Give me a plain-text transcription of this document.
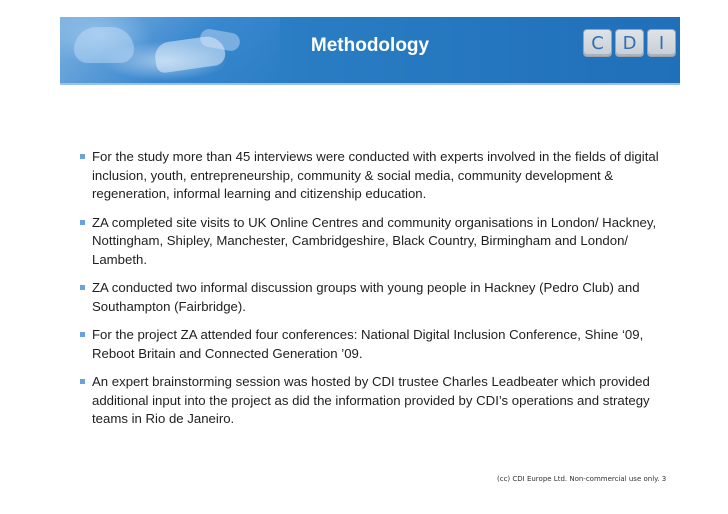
Methodology	C	D	I
For the study more than 45 interviews were conducted with experts involved in the fields of digital inclusion, youth, entrepreneurship, community & social media, community development & regeneration, informal learning and citizenship education.
ZA completed site visits to UK Online Centres and community organisations in London/ Hackney, Nottingham, Shipley, Manchester, Cambridgeshire, Black Country, Birmingham and London/ Lambeth.
ZA conducted two informal discussion groups with young people in Hackney (Pedro Club) and Southampton (Fairbridge).
For the project ZA attended four conferences: National Digital Inclusion Conference, Shine ‘09, Reboot Britain and Connected Generation ’09.
An expert brainstorming session was hosted by CDI trustee Charles Leadbeater which provided additional input into the project as did the information provided by CDI’s operations and strategy teams in Rio de Janeiro.
(cc) CDI Europe Ltd. Non-commercial use only. 3
